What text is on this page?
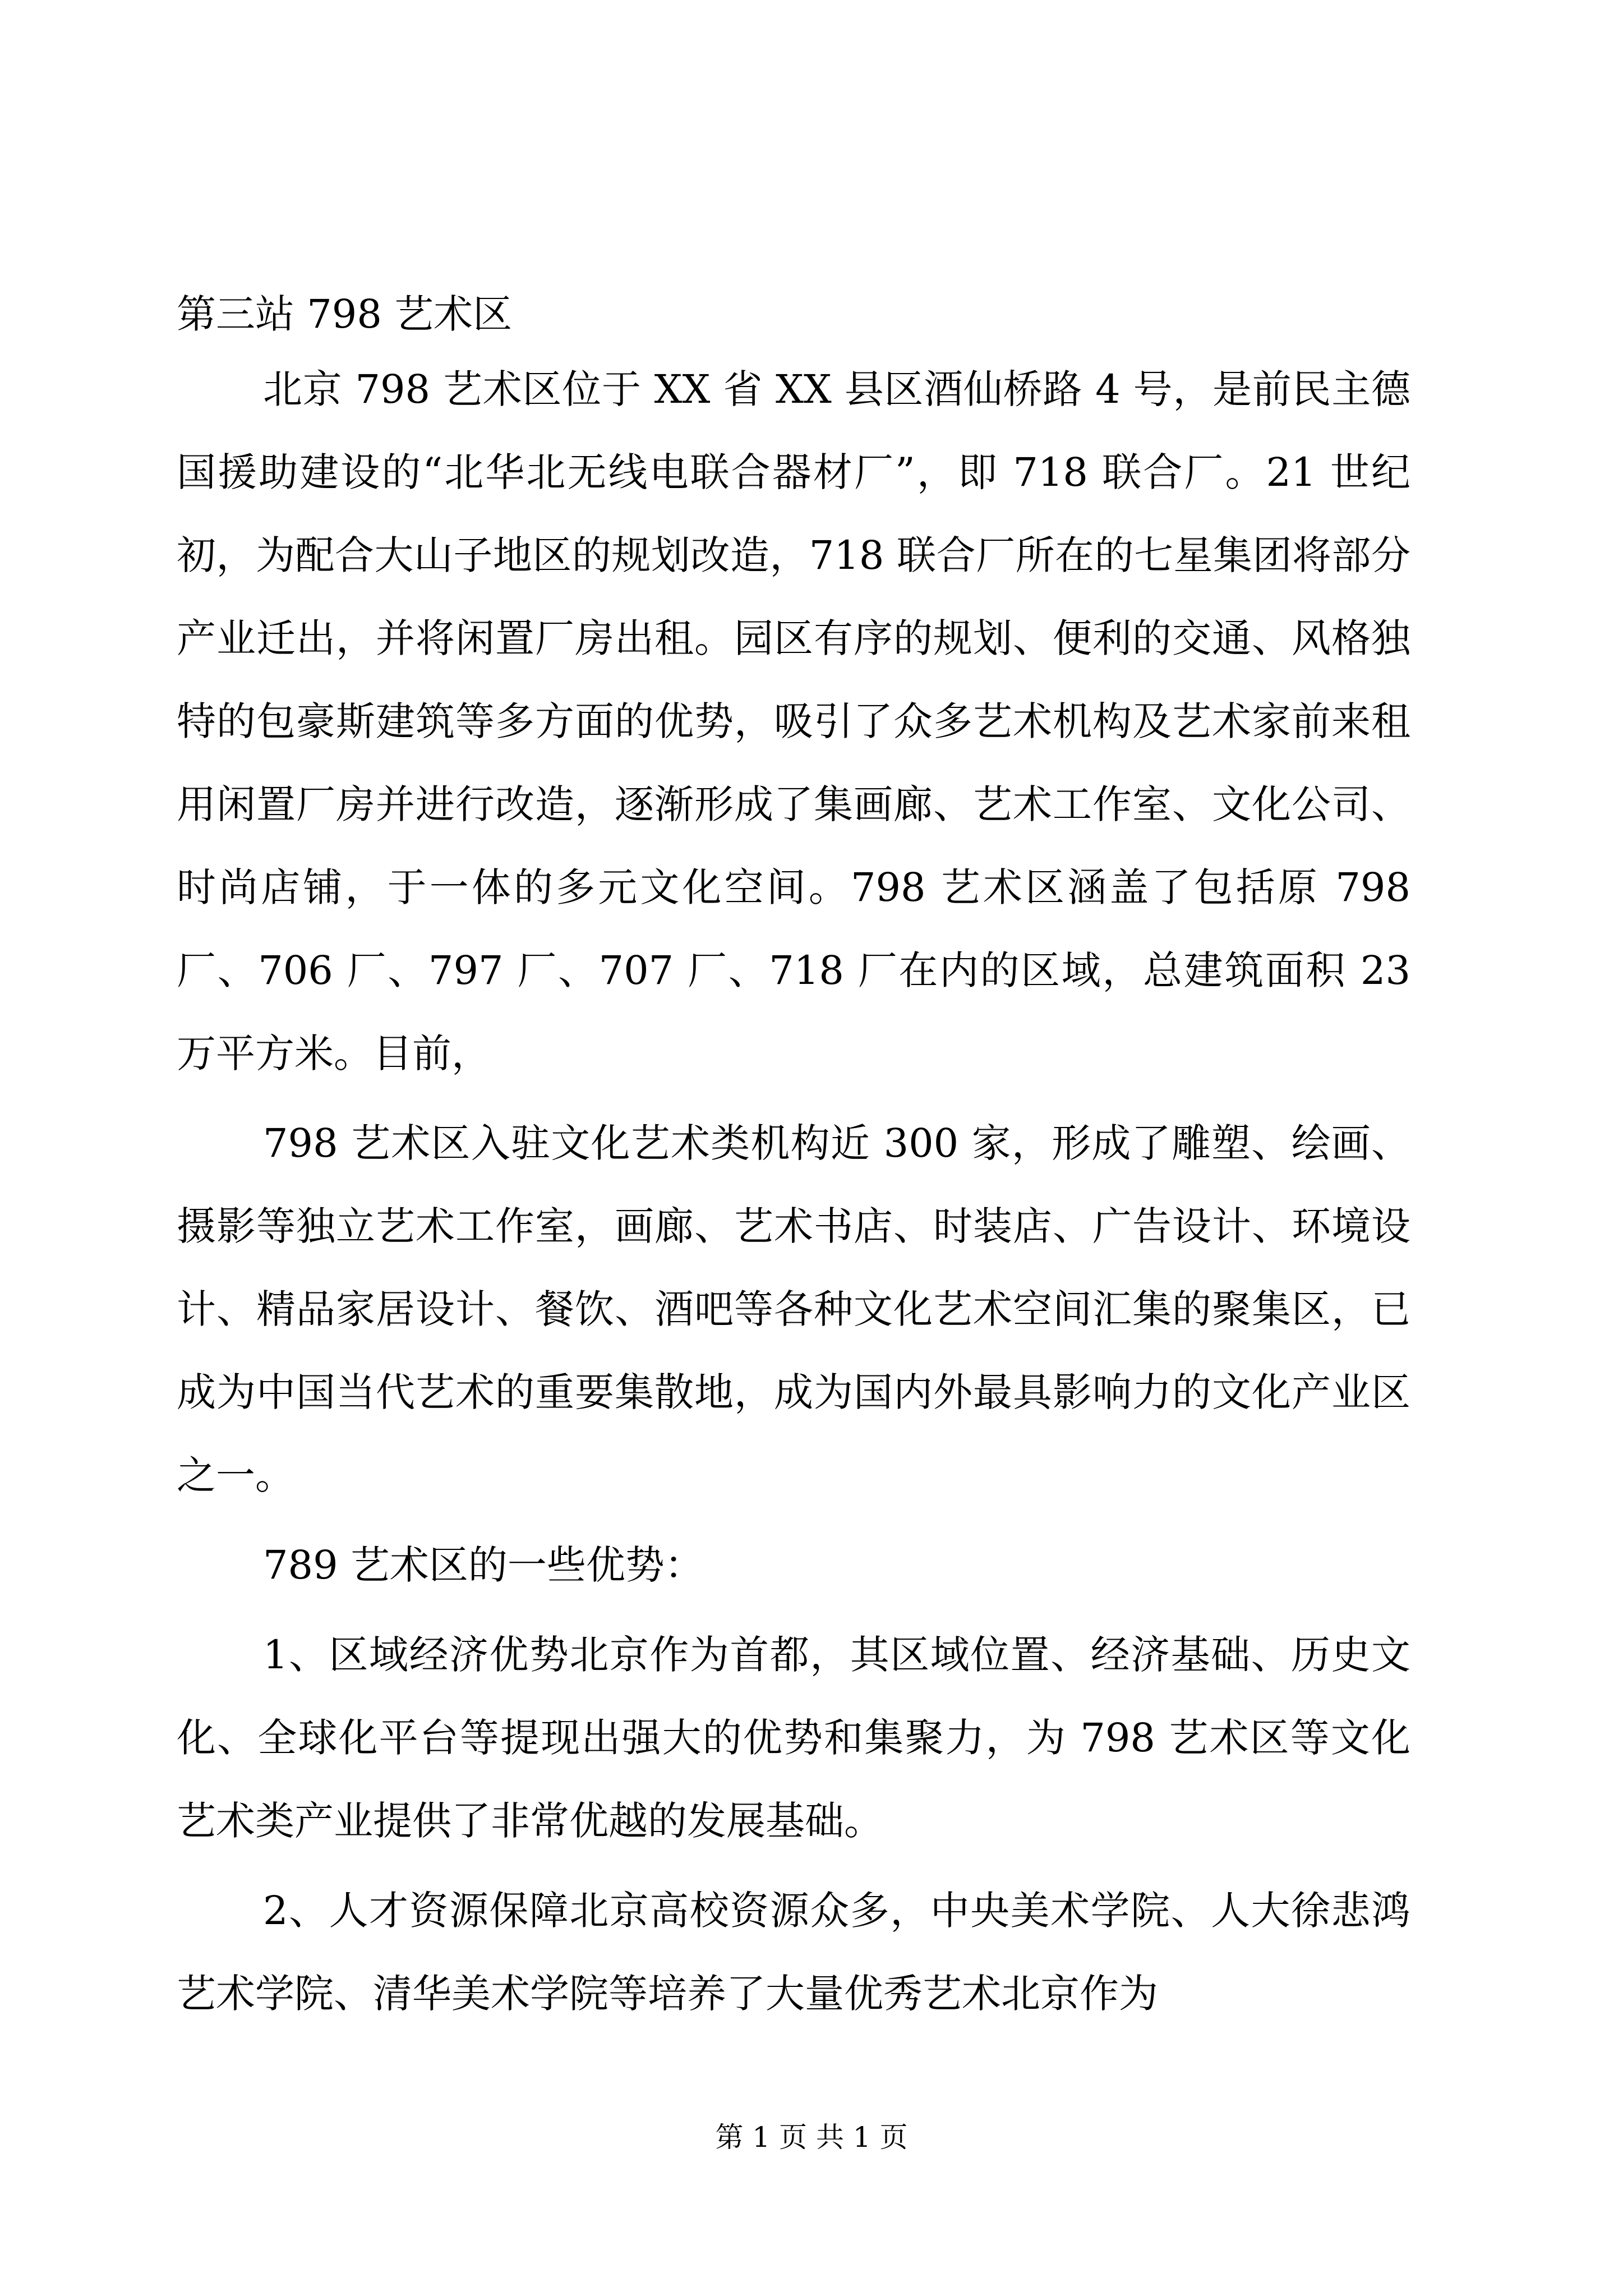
第三站 798 艺术区

北京 798 艺术区位于 XX 省 XX 县区酒仙桥路 4 号，是前民主德国援助建设的“北华北无线电联合器材厂”，即 718 联合厂。21 世纪初，为配合大山子地区的规划改造，718 联合厂所在的七星集团将部分产业迁出，并将闲置厂房出租。园区有序的规划、便利的交通、风格独特的包豪斯建筑等多方面的优势，吸引了众多艺术机构及艺术家前来租用闲置厂房并进行改造，逐渐形成了集画廊、艺术工作室、文化公司、时尚店铺，于一体的多元文化空间。798 艺术区涵盖了包括原 798 厂、706 厂、797 厂、707 厂、718 厂在内的区域，总建筑面积 23 万平方米。目前，

798 艺术区入驻文化艺术类机构近 300 家，形成了雕塑、绘画、摄影等独立艺术工作室，画廊、艺术书店、时装店、广告设计、环境设计、精品家居设计、餐饮、酒吧等各种文化艺术空间汇集的聚集区，已成为中国当代艺术的重要集散地，成为国内外最具影响力的文化产业区之一。

789 艺术区的一些优势：

1、区域经济优势北京作为首都，其区域位置、经济基础、历史文化、全球化平台等提现出强大的优势和集聚力，为 798 艺术区等文化艺术类产业提供了非常优越的发展基础。

2、人才资源保障北京高校资源众多，中央美术学院、人大徐悲鸿艺术学院、清华美术学院等培养了大量优秀艺术北京作为

第 1 页 共 1 页
